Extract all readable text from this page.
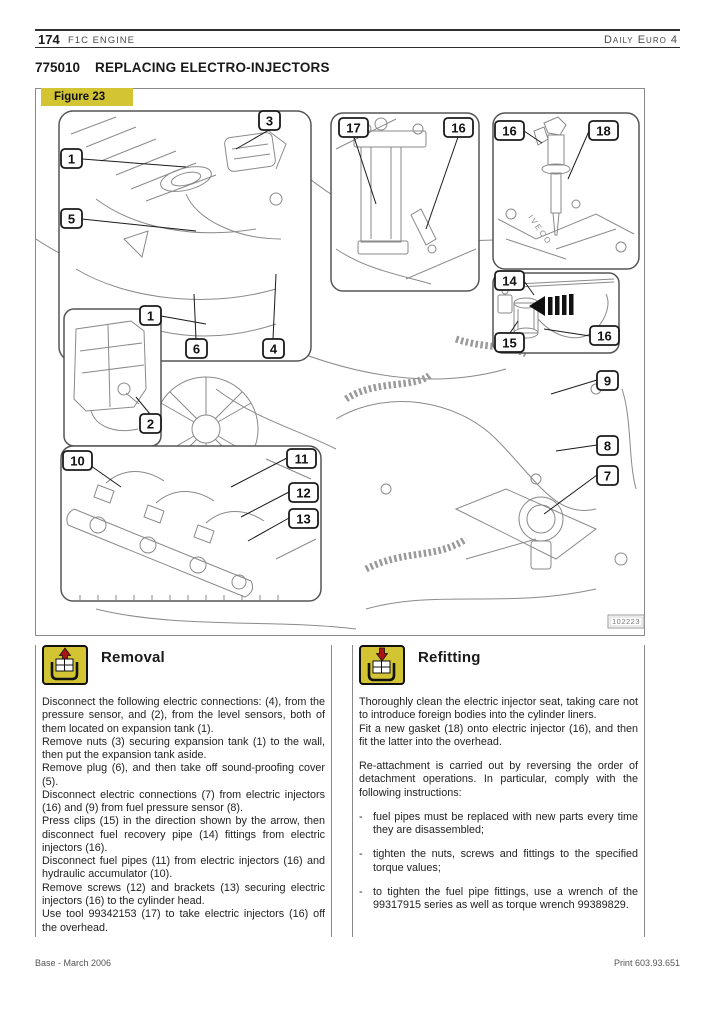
174 F1C ENGINE	Daily Euro 4
775010 REPLACING ELECTRO-INJECTORS
Figure 23
IVECO
3	17	16	16	18
1
5
14
1
15	16
6	4
9
2
8
10	11
7
12
13
102223
Removal

Disconnect the following electric connections: (4), from the pressure sensor, and (2), from the level sensors, both of them located on expansion tank (1).

Remove nuts (3) securing expansion tank (1) to the wall, then put the expansion tank aside.

Remove plug (6), and then take off sound-proofing cover (5).

Disconnect electric connections (7) from electric injectors (16) and (9) from fuel pressure sensor (8).

Press clips (15) in the direction shown by the arrow, then disconnect fuel recovery pipe (14) fittings from electric injectors (16).

Disconnect fuel pipes (11) from electric injectors (16) and hydraulic accumulator (10).

Remove screws (12) and brackets (13) securing electric injectors (16) to the cylinder head.

Use tool 99342153 (17) to take electric injectors (16) off the overhead.

Refitting

Thoroughly clean the electric injector seat, taking care not to introduce foreign bodies into the cylinder liners.

Fit a new gasket (18) onto electric injector (16), and then fit the latter into the overhead.

Re-attachment is carried out by reversing the order of detachment operations. In particular, comply with the following instructions:

- fuel pipes must be replaced with new parts every time they are disassembled;

- tighten the nuts, screws and fittings to the specified torque values;

- to tighten the fuel pipe fittings, use a wrench of the 99317915 series as well as torque wrench 99389829.

Base - March 2006	Print 603.93.651
